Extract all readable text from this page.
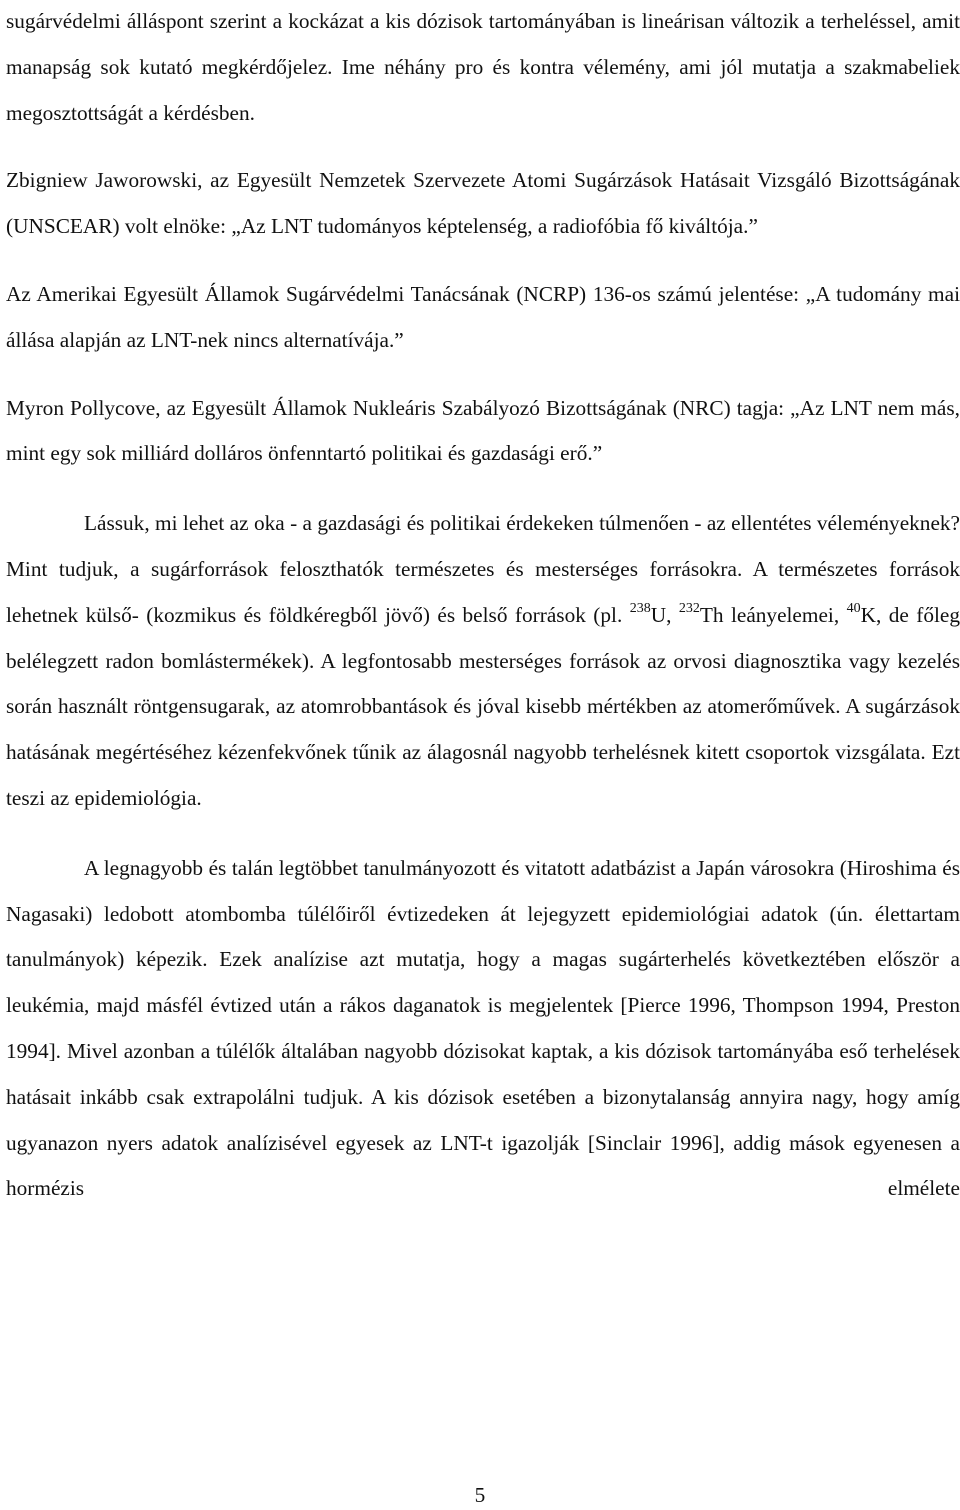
sugárvédelmi álláspont szerint a kockázat a kis dózisok tartományában is lineárisan változik a terheléssel, amit manapság sok kutató megkérdőjelez. Ime néhány pro és kontra vélemény, ami jól mutatja a szakmabeliek megosztottságát a kérdésben.

Zbigniew Jaworowski, az Egyesült Nemzetek Szervezete Atomi Sugárzások Hatásait Vizsgáló Bizottságának (UNSCEAR) volt elnöke: „Az LNT tudományos képtelenség, a radiofóbia fő kiváltója.”

Az Amerikai Egyesült Államok Sugárvédelmi Tanácsának (NCRP) 136-os számú jelentése: „A tudomány mai állása alapján az LNT-nek nincs alternatívája.”

Myron Pollycove, az Egyesült Államok Nukleáris Szabályozó Bizottságának (NRC) tagja: „Az LNT nem más, mint egy sok milliárd dolláros önfenntartó politikai és gazdasági erő.”

Lássuk, mi lehet az oka - a gazdasági és politikai érdekeken túlmenően - az ellentétes véleményeknek? Mint tudjuk, a sugárforrások feloszthatók természetes és mesterséges forrásokra. A természetes források lehetnek külső- (kozmikus és földkéregből jövő) és belső források (pl. $^{238}$U, $^{232}$Th leányelemei, $^{40}$K, de főleg belélegzett radon bomlástermékek). A legfontosabb mesterséges források az orvosi diagnosztika vagy kezelés során használt röntgensugarak, az atomrobbantások és jóval kisebb mértékben az atomerőművek. A sugárzások hatásának megértéséhez kézenfekvőnek tűnik az álagosnál nagyobb terhelésnek kitett csoportok vizsgálata. Ezt teszi az epidemiológia.

A legnagyobb és talán legtöbbet tanulmányozott és vitatott adatbázist a Japán városokra (Hiroshima és Nagasaki) ledobott atombomba túlélőiről évtizedeken át lejegyzett epidemiológiai adatok (ún. élettartam tanulmányok) képezik. Ezek analízise azt mutatja, hogy a magas sugárterhelés következtében először a leukémia, majd másfél évtized után a rákos daganatok is megjelentek [Pierce 1996, Thompson 1994, Preston 1994]. Mivel azonban a túlélők általában nagyobb dózisokat kaptak, a kis dózisok tartományába eső terhelések hatásait inkább csak extrapolálni tudjuk. A kis dózisok esetében a bizonytalanság annyira nagy, hogy amíg ugyanazon nyers adatok analízisével egyesek az LNT-t igazolják [Sinclair 1996], addig mások egyenesen a hormézis elmélete

5
